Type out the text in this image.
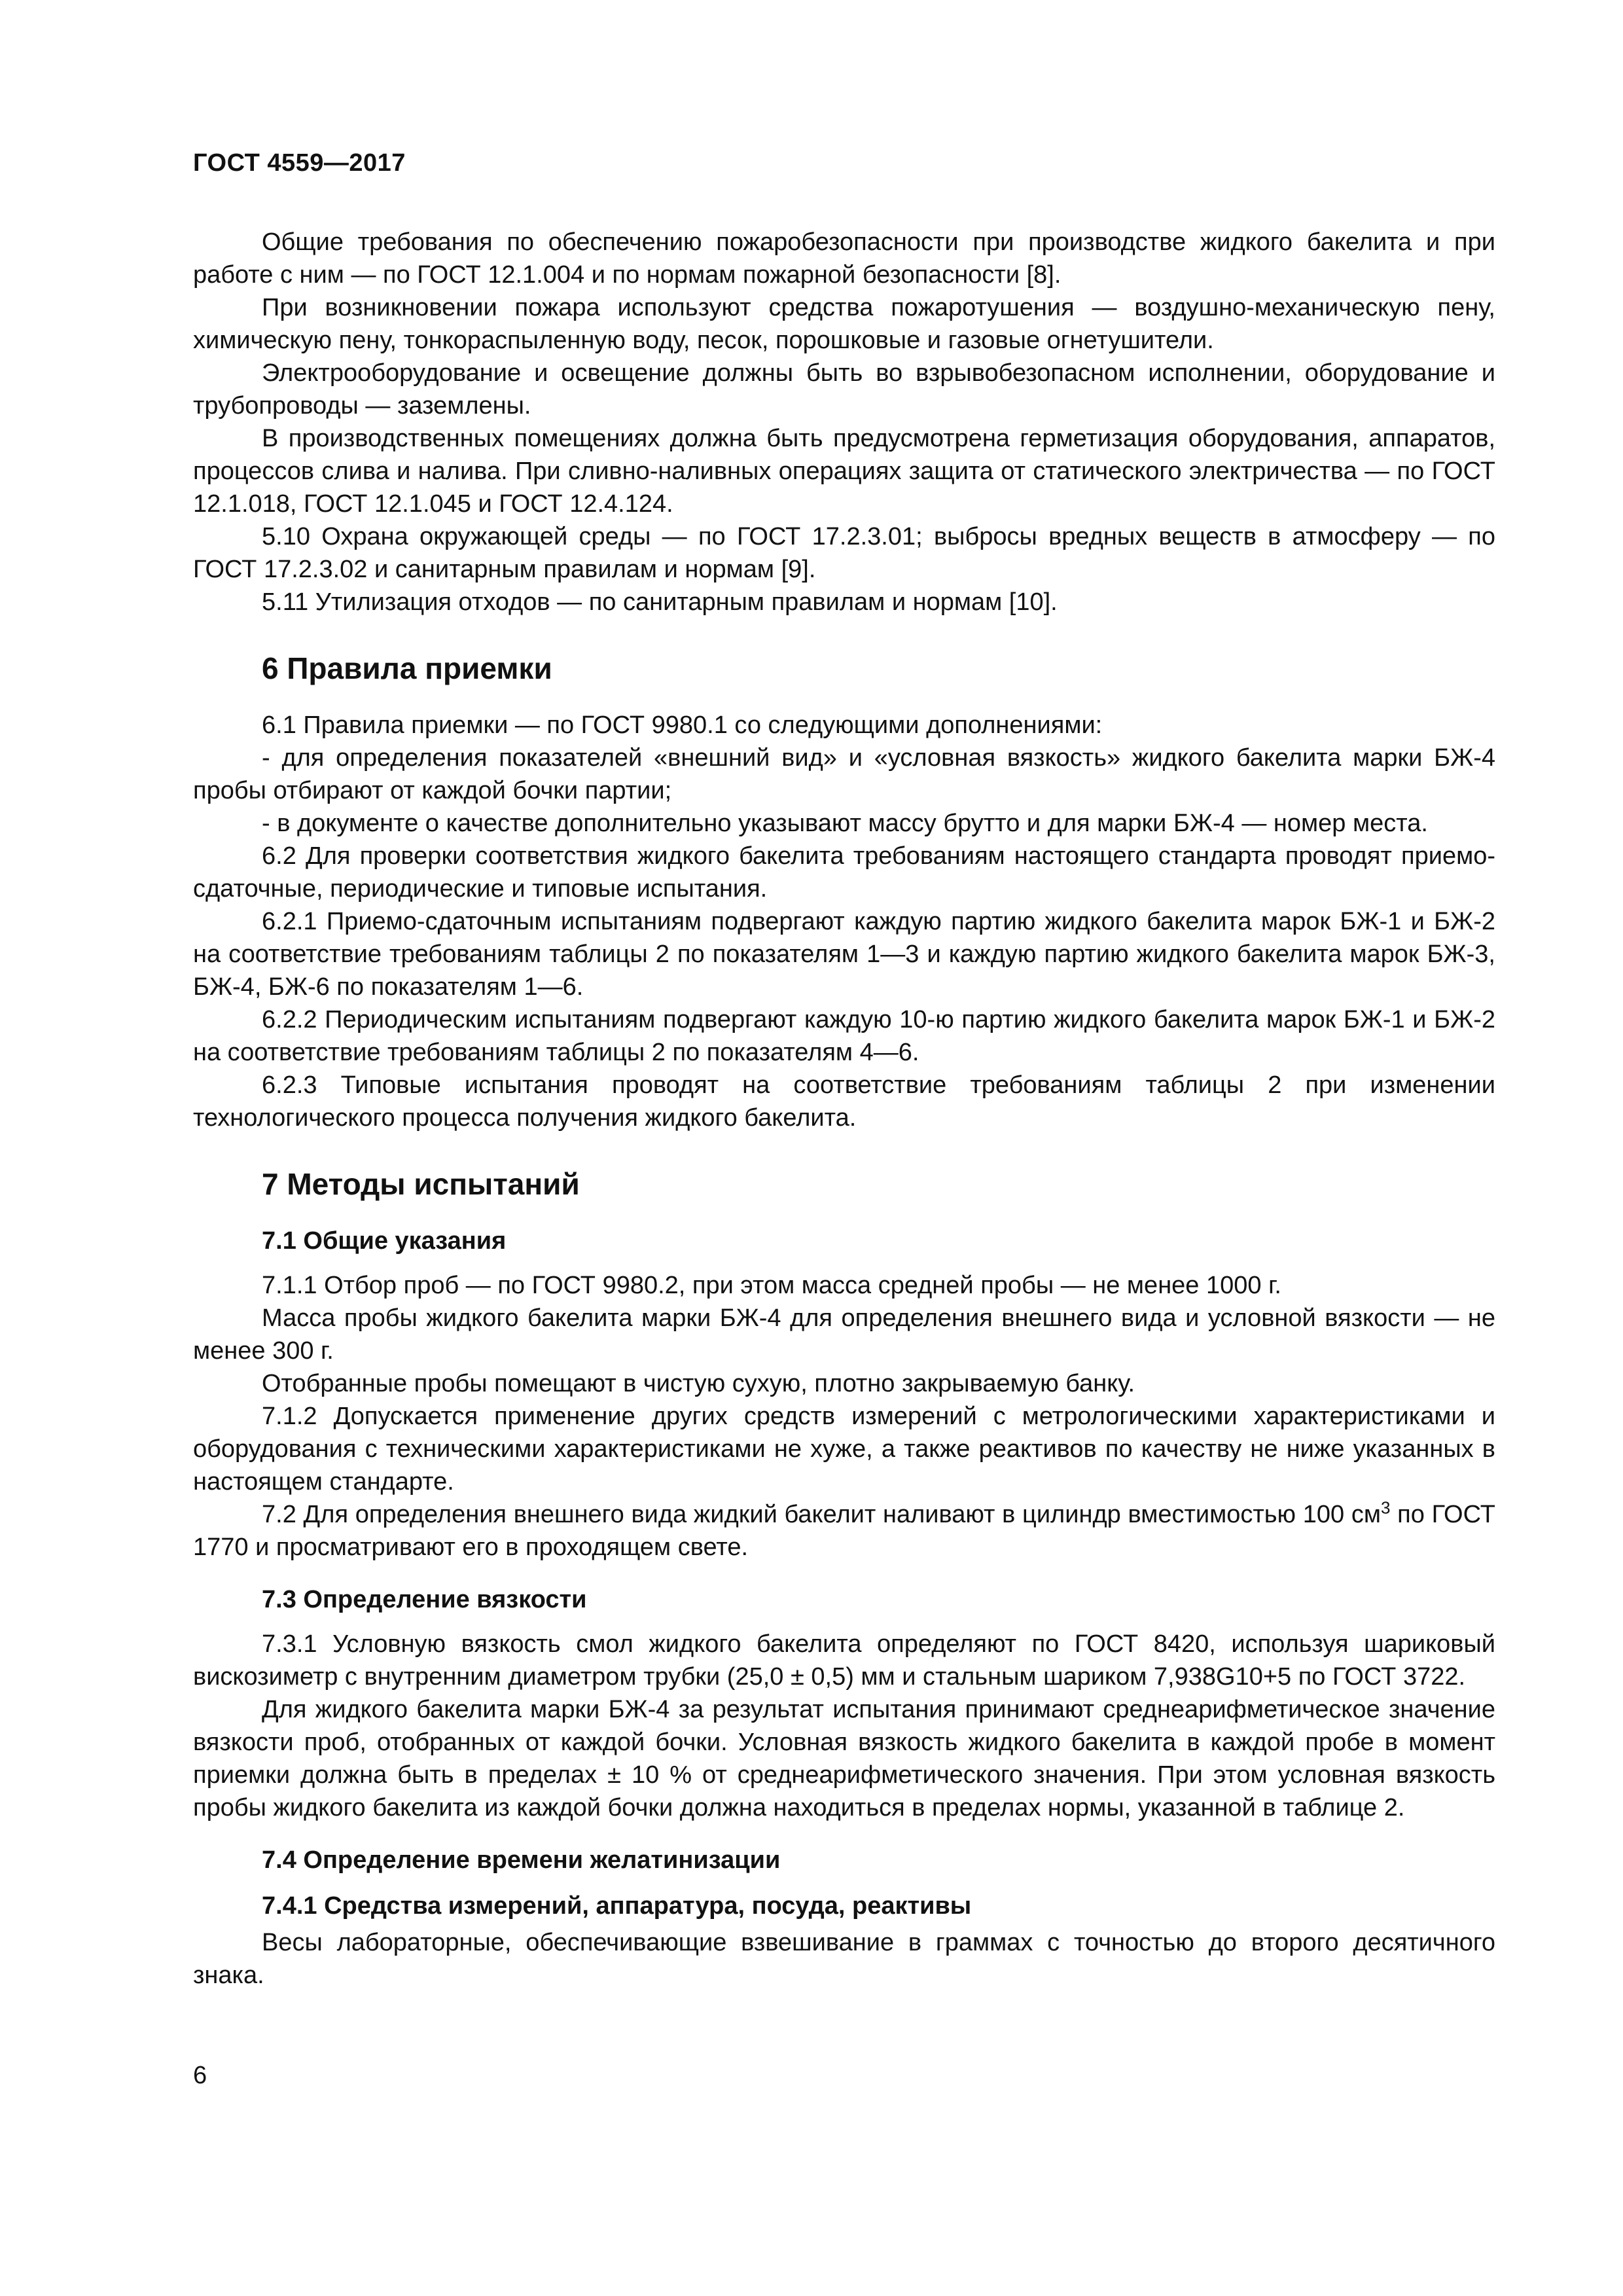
ГОСТ 4559—2017

Общие требования по обеспечению пожаробезопасности при производстве жидкого бакелита и при работе с ним — по ГОСТ 12.1.004 и по нормам пожарной безопасности [8].

При возникновении пожара используют средства пожаротушения — воздушно-механическую пену, химическую пену, тонкораспыленную воду, песок, порошковые и газовые огнетушители.

Электрооборудование и освещение должны быть во взрывобезопасном исполнении, оборудование и трубопроводы — заземлены.

В производственных помещениях должна быть предусмотрена герметизация оборудования, аппаратов, процессов слива и налива. При сливно-наливных операциях защита от статического электричества — по ГОСТ 12.1.018, ГОСТ 12.1.045 и ГОСТ 12.4.124.

5.10 Охрана окружающей среды — по ГОСТ 17.2.3.01; выбросы вредных веществ в атмосферу — по ГОСТ 17.2.3.02 и санитарным правилам и нормам [9].

5.11 Утилизация отходов — по санитарным правилам и нормам [10].

6 Правила приемки

6.1 Правила приемки — по ГОСТ 9980.1 со следующими дополнениями:

- для определения показателей «внешний вид» и «условная вязкость» жидкого бакелита марки БЖ-4 пробы отбирают от каждой бочки партии;

- в документе о качестве дополнительно указывают массу брутто и для марки БЖ-4 — номер места.

6.2 Для проверки соответствия жидкого бакелита требованиям настоящего стандарта проводят приемо-сдаточные, периодические и типовые испытания.

6.2.1 Приемо-сдаточным испытаниям подвергают каждую партию жидкого бакелита марок БЖ-1 и БЖ-2 на соответствие требованиям таблицы 2 по показателям 1—3 и каждую партию жидкого бакелита марок БЖ-3, БЖ-4, БЖ-6 по показателям 1—6.

6.2.2 Периодическим испытаниям подвергают каждую 10-ю партию жидкого бакелита марок БЖ-1 и БЖ-2 на соответствие требованиям таблицы 2 по показателям 4—6.

6.2.3 Типовые испытания проводят на соответствие требованиям таблицы 2 при изменении технологического процесса получения жидкого бакелита.

7 Методы испытаний
7.1 Общие указания

7.1.1 Отбор проб — по ГОСТ 9980.2, при этом масса средней пробы — не менее 1000 г.

Масса пробы жидкого бакелита марки БЖ-4 для определения внешнего вида и условной вязкости — не менее 300 г.

Отобранные пробы помещают в чистую сухую, плотно закрываемую банку.

7.1.2 Допускается применение других средств измерений с метрологическими характеристиками и оборудования с техническими характеристиками не хуже, а также реактивов по качеству не ниже указанных в настоящем стандарте.

7.2 Для определения внешнего вида жидкий бакелит наливают в цилиндр вместимостью 100 $см^3$ по ГОСТ 1770 и просматривают его в проходящем свете.

7.3 Определение вязкости

7.3.1 Условную вязкость смол жидкого бакелита определяют по ГОСТ 8420, используя шариковый вискозиметр с внутренним диаметром трубки (25,0 ± 0,5) мм и стальным шариком 7,938G10+5 по ГОСТ 3722.

Для жидкого бакелита марки БЖ-4 за результат испытания принимают среднеарифметическое значение вязкости проб, отобранных от каждой бочки. Условная вязкость жидкого бакелита в каждой пробе в момент приемки должна быть в пределах ± 10 % от среднеарифметического значения. При этом условная вязкость пробы жидкого бакелита из каждой бочки должна находиться в пределах нормы, указанной в таблице 2.

7.4 Определение времени желатинизации
7.4.1 Средства измерений, аппаратура, посуда, реактивы

Весы лабораторные, обеспечивающие взвешивание в граммах с точностью до второго десятичного знака.

6
